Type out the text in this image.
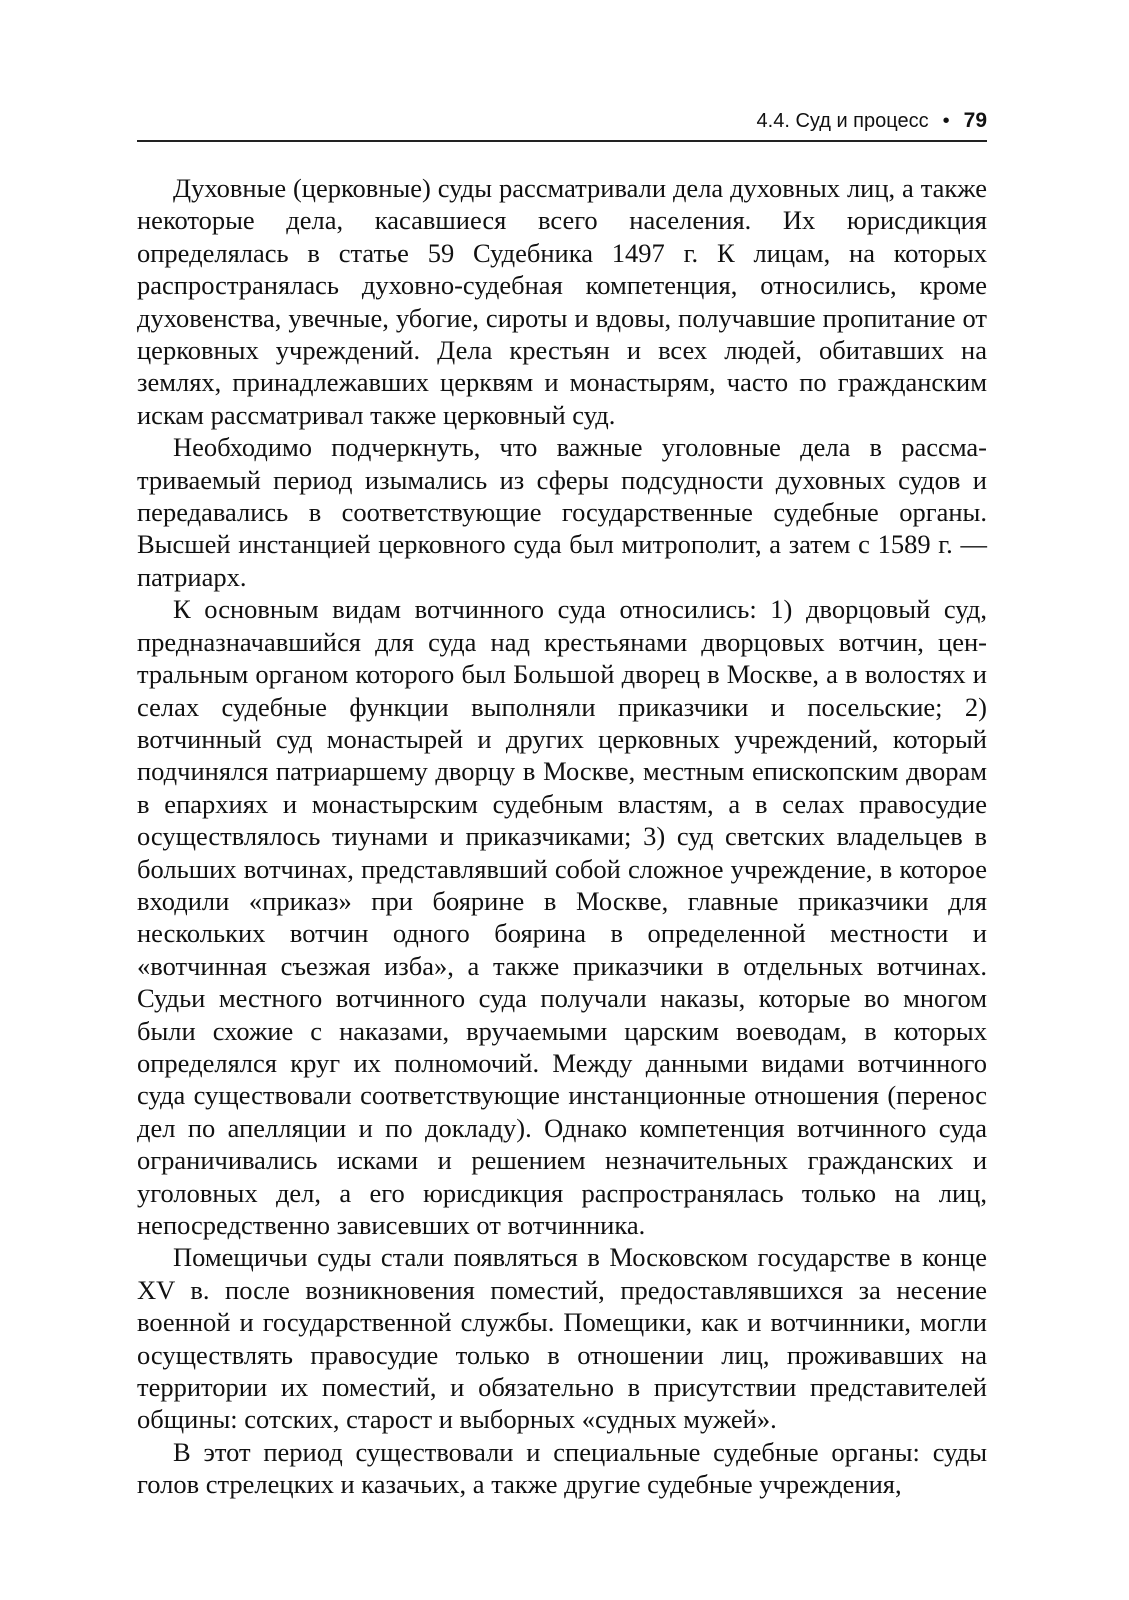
4.4. Суд и процесс • 79

Духовные (церковные) суды рассматривали дела духовных лиц, а также некоторые дела, касавшиеся всего населения. Их юрисдикция определялась в статье 59 Судебника 1497 г. К лицам, на которых распространялась духовно-судебная компетенция, относились, кроме духовенства, увечные, убогие, сироты и вдовы, получавшие пропитание от церковных учреждений. Дела крестьян и всех людей, обитавших на землях, принадлежавших церквям и монастырям, часто по гражданским искам рассматривал также церковный суд.

Необходимо подчеркнуть, что важные уголовные дела в рассматриваемый период изымались из сферы подсудности духовных судов и передавались в соответствующие государственные судебные органы. Высшей инстанцией церковного суда был митрополит, а затем с 1589 г. — патриарх.

К основным видам вотчинного суда относились: 1) дворцовый суд, предназначавшийся для суда над крестьянами дворцовых вотчин, центральным органом которого был Большой дворец в Москве, а в волостях и селах судебные функции выполняли приказчики и посельские; 2) вотчинный суд монастырей и других церковных учреждений, который подчинялся патриаршему дворцу в Москве, местным епископским дворам в епархиях и монастырским судебным властям, а в селах правосудие осуществлялось тиунами и приказчиками; 3) суд светских владельцев в больших вотчинах, представлявший собой сложное учреждение, в которое входили «приказ» при боярине в Москве, главные приказчики для нескольких вотчин одного боярина в определенной местности и «вотчинная съезжая изба», а также приказчики в отдельных вотчинах. Судьи местного вотчинного суда получали наказы, которые во многом были схожие с наказами, вручаемыми царским воеводам, в которых определялся круг их полномочий. Между данными видами вотчинного суда существовали соответствующие инстанционные отношения (перенос дел по апелляции и по докладу). Однако компетенция вотчинного суда ограничивались исками и решением незначительных гражданских и уголовных дел, а его юрисдикция распространялась только на лиц, непосредственно зависевших от вотчинника.

Помещичьи суды стали появляться в Московском государстве в конце XV в. после возникновения поместий, предоставлявшихся за несение военной и государственной службы. Помещики, как и вотчинники, могли осуществлять правосудие только в отношении лиц, проживавших на территории их поместий, и обязательно в присутствии представителей общины: сотских, старост и выборных «судных мужей».

В этот период существовали и специальные судебные органы: суды голов стрелецких и казачьих, а также другие судебные учреждения,
